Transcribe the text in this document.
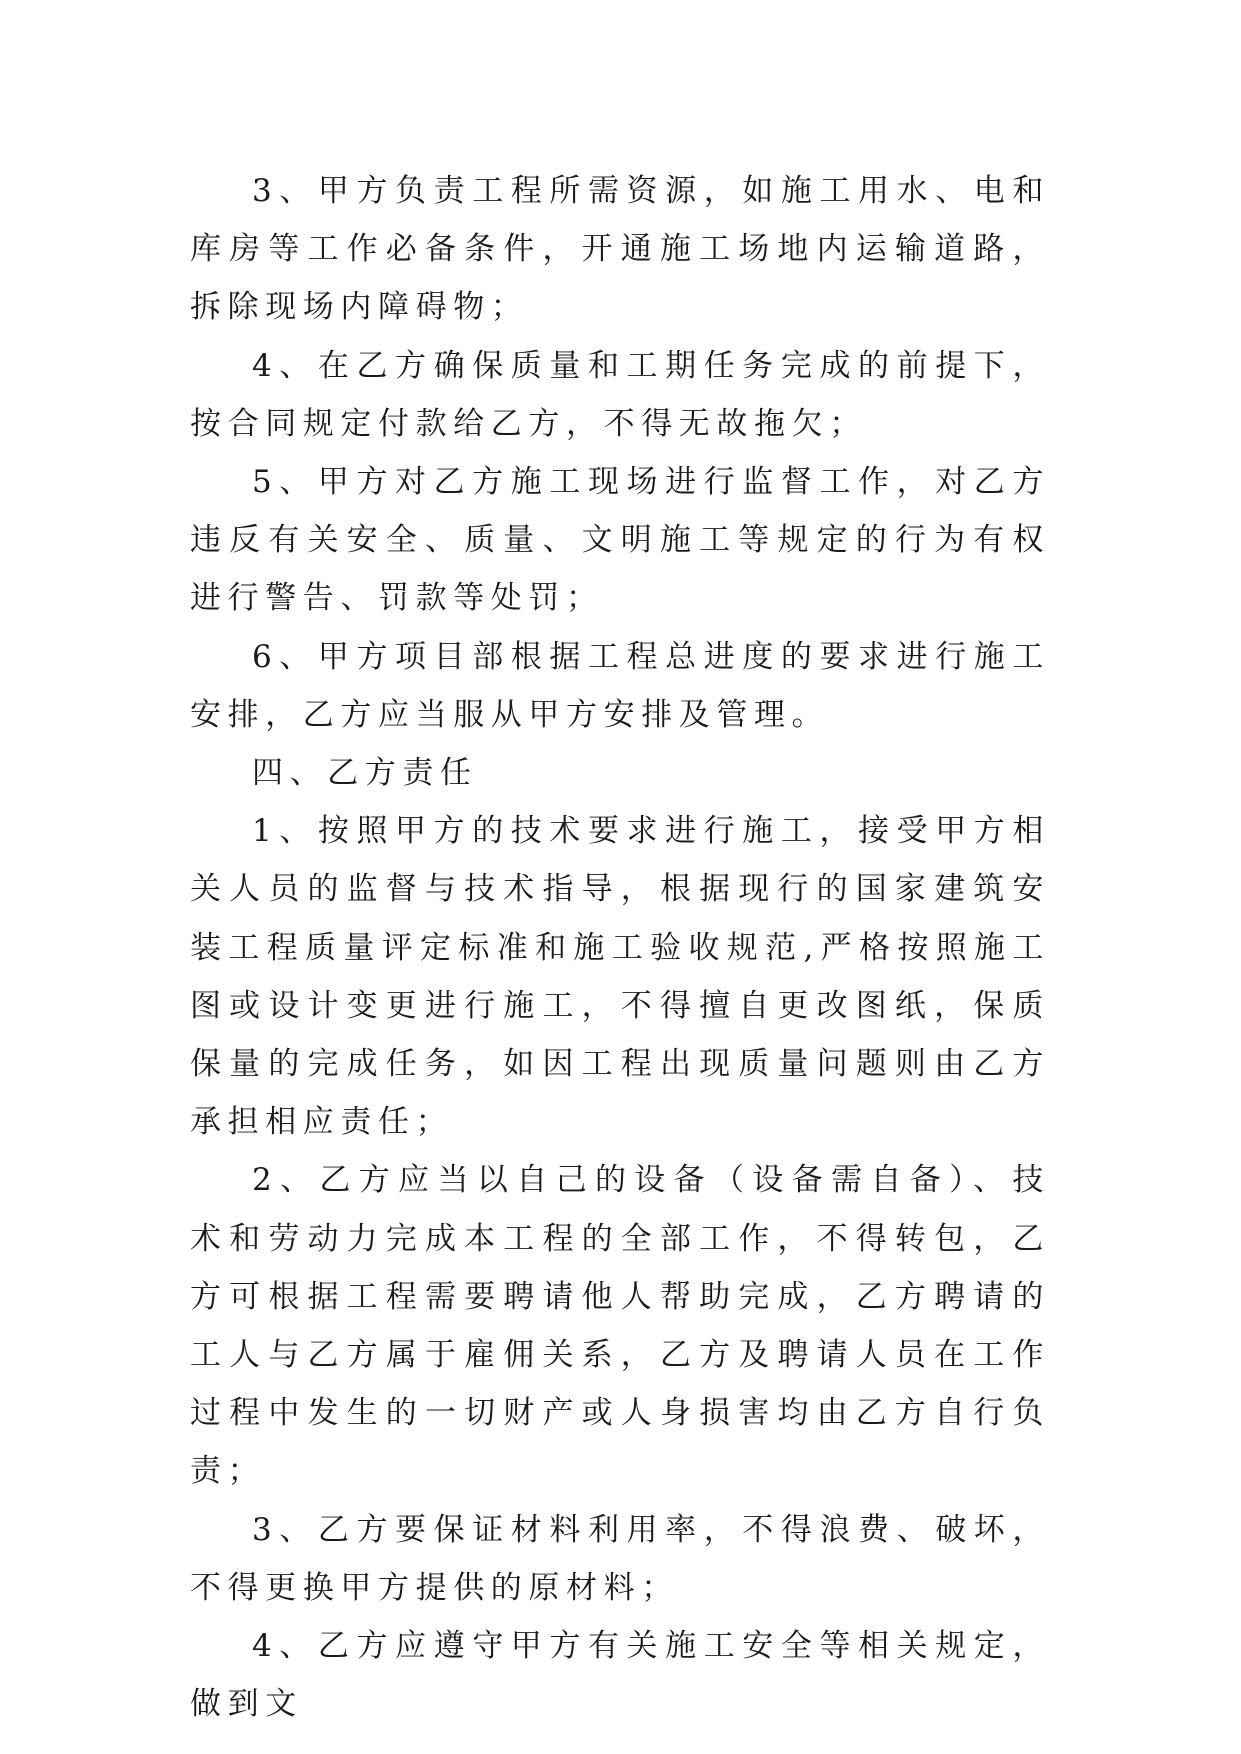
3、甲方负责工程所需资源，如施工用水、电和库房等工作必备条件，开通施工场地内运输道路，拆除现场内障碍物；

4、在乙方确保质量和工期任务完成的前提下，按合同规定付款给乙方，不得无故拖欠；

5、甲方对乙方施工现场进行监督工作，对乙方违反有关安全、质量、文明施工等规定的行为有权进行警告、罚款等处罚；

6、甲方项目部根据工程总进度的要求进行施工安排，乙方应当服从甲方安排及管理。

四、乙方责任

1、按照甲方的技术要求进行施工，接受甲方相关人员的监督与技术指导，根据现行的国家建筑安装工程质量评定标准和施工验收规范,严格按照施工图或设计变更进行施工，不得擅自更改图纸，保质保量的完成任务，如因工程出现质量问题则由乙方承担相应责任；

2、乙方应当以自己的设备（设备需自备）、技术和劳动力完成本工程的全部工作，不得转包，乙方可根据工程需要聘请他人帮助完成，乙方聘请的工人与乙方属于雇佣关系，乙方及聘请人员在工作过程中发生的一切财产或人身损害均由乙方自行负责；

3、乙方要保证材料利用率，不得浪费、破坏，不得更换甲方提供的原材料；

4、乙方应遵守甲方有关施工安全等相关规定，做到文
